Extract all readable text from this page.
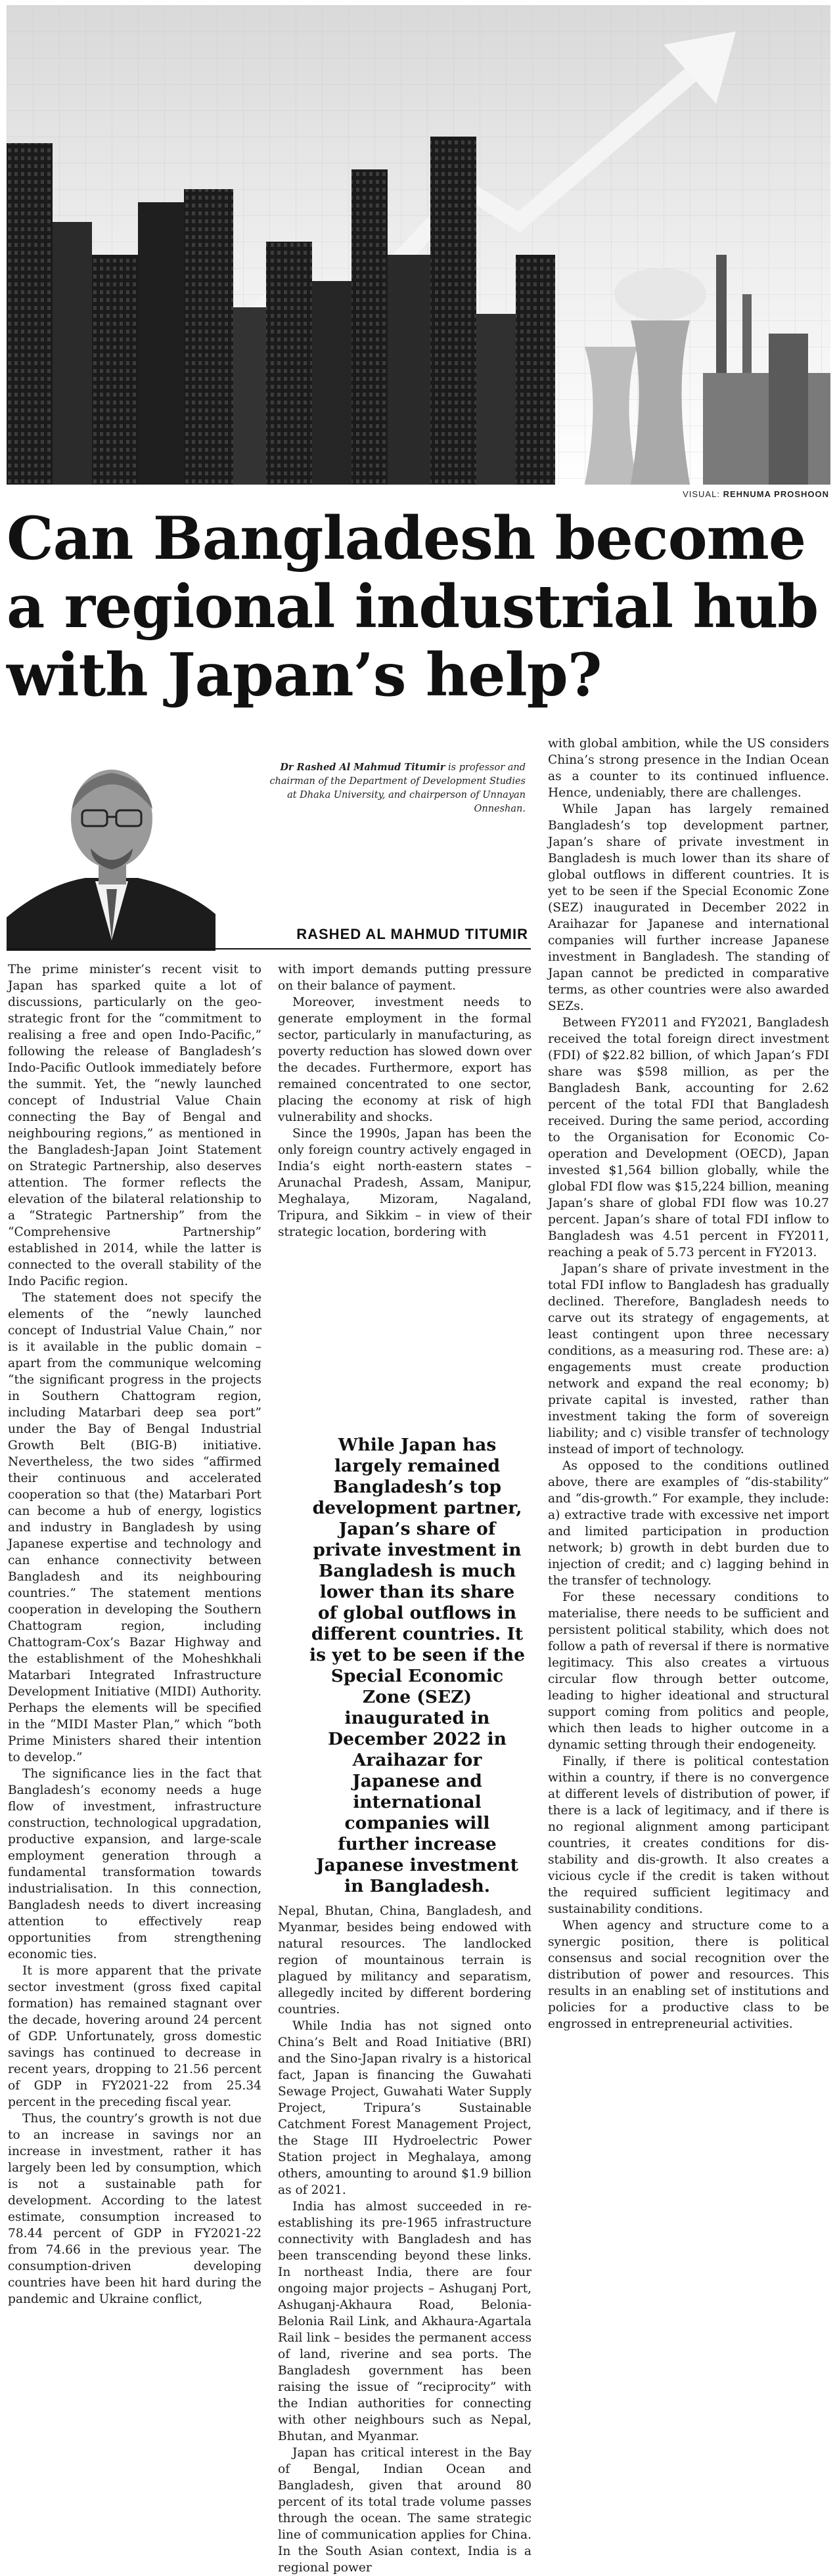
VISUAL: REHNUMA PROSHOON
Can Bangladesh become a regional industrial hub with Japan’s help?
Dr Rashed Al Mahmud Titumir is professor and chairman of the Department of Development Studies at Dhaka University, and chairperson of Unnayan Onneshan.
RASHED AL MAHMUD TITUMIR

The prime minister’s recent visit to Japan has sparked quite a lot of discussions, particularly on the geo-strategic front for the “commitment to realising a free and open Indo-Pacific,” following the release of Bangladesh’s Indo-Pacific Outlook immediately before the summit. Yet, the “newly launched concept of Industrial Value Chain connecting the Bay of Bengal and neighbouring regions,” as mentioned in the Bangladesh-Japan Joint Statement on Strategic Partnership, also deserves attention. The former reflects the elevation of the bilateral relationship to a “Strategic Partnership” from the “Comprehensive Partnership” established in 2014, while the latter is connected to the overall stability of the Indo Pacific region.

The statement does not specify the elements of the “newly launched concept of Industrial Value Chain,” nor is it available in the public domain – apart from the communique welcoming “the significant progress in the projects in Southern Chattogram region, including Matarbari deep sea port” under the Bay of Bengal Industrial Growth Belt (BIG-B) initiative. Nevertheless, the two sides “affirmed their continuous and accelerated cooperation so that (the) Matarbari Port can become a hub of energy, logistics and industry in Bangladesh by using Japanese expertise and technology and can enhance connectivity between Bangladesh and its neighbouring countries.” The statement mentions cooperation in developing the Southern Chattogram region, including Chattogram-Cox’s Bazar Highway and the establishment of the Moheshkhali Matarbari Integrated Infrastructure Development Initiative (MIDI) Authority. Perhaps the elements will be specified in the “MIDI Master Plan,” which “both Prime Ministers shared their intention to develop.”

The significance lies in the fact that Bangladesh’s economy needs a huge flow of investment, infrastructure construction, technological upgradation, productive expansion, and large-scale employment generation through a fundamental transformation towards industrialisation. In this connection, Bangladesh needs to divert increasing attention to effectively reap opportunities from strengthening economic ties.

It is more apparent that the private sector investment (gross fixed capital formation) has remained stagnant over the decade, hovering around 24 percent of GDP. Unfortunately, gross domestic savings has continued to decrease in recent years, dropping to 21.56 percent of GDP in FY2021-22 from 25.34 percent in the preceding fiscal year.

Thus, the country’s growth is not due to an increase in savings nor an increase in investment, rather it has largely been led by consumption, which is not a sustainable path for development. According to the latest estimate, consumption increased to 78.44 percent of GDP in FY2021-22 from 74.66 in the previous year. The consumption-driven developing countries have been hit hard during the pandemic and Ukraine conflict,

with import demands putting pressure on their balance of payment.

Moreover, investment needs to generate employment in the formal sector, particularly in manufacturing, as poverty reduction has slowed down over the decades. Furthermore, export has remained concentrated to one sector, placing the economy at risk of high vulnerability and shocks.

Since the 1990s, Japan has been the only foreign country actively engaged in India’s eight north-eastern states – Arunachal Pradesh, Assam, Manipur, Meghalaya, Mizoram, Nagaland, Tripura, and Sikkim – in view of their strategic location, bordering with

While Japan has largely remained Bangladesh’s top development partner, Japan’s share of private investment in Bangladesh is much lower than its share of global outflows in different countries. It is yet to be seen if the Special Economic Zone (SEZ) inaugurated in December 2022 in Araihazar for Japanese and international companies will further increase Japanese investment in Bangladesh.

Nepal, Bhutan, China, Bangladesh, and Myanmar, besides being endowed with natural resources. The landlocked region of mountainous terrain is plagued by militancy and separatism, allegedly incited by different bordering countries.

While India has not signed onto China’s Belt and Road Initiative (BRI) and the Sino-Japan rivalry is a historical fact, Japan is financing the Guwahati Sewage Project, Guwahati Water Supply Project, Tripura’s Sustainable Catchment Forest Management Project, the Stage III Hydroelectric Power Station project in Meghalaya, among others, amounting to around $1.9 billion as of 2021.

India has almost succeeded in re-establishing its pre-1965 infrastructure connectivity with Bangladesh and has been transcending beyond these links. In northeast India, there are four ongoing major projects – Ashuganj Port, Ashuganj-Akhaura Road, Belonia-Belonia Rail Link, and Akhaura-Agartala Rail link – besides the permanent access of land, riverine and sea ports. The Bangladesh government has been raising the issue of “reciprocity” with the Indian authorities for connecting with other neighbours such as Nepal, Bhutan, and Myanmar.

Japan has critical interest in the Bay of Bengal, Indian Ocean and Bangladesh, given that around 80 percent of its total trade volume passes through the ocean. The same strategic line of communication applies for China. In the South Asian context, India is a regional power

with global ambition, while the US considers China’s strong presence in the Indian Ocean as a counter to its continued influence. Hence, undeniably, there are challenges.

While Japan has largely remained Bangladesh’s top development partner, Japan’s share of private investment in Bangladesh is much lower than its share of global outflows in different countries. It is yet to be seen if the Special Economic Zone (SEZ) inaugurated in December 2022 in Araihazar for Japanese and international companies will further increase Japanese investment in Bangladesh. The standing of Japan cannot be predicted in comparative terms, as other countries were also awarded SEZs.

Between FY2011 and FY2021, Bangladesh received the total foreign direct investment (FDI) of $22.82 billion, of which Japan’s FDI share was $598 million, as per the Bangladesh Bank, accounting for 2.62 percent of the total FDI that Bangladesh received. During the same period, according to the Organisation for Economic Co-operation and Development (OECD), Japan invested $1,564 billion globally, while the global FDI flow was $15,224 billion, meaning Japan’s share of global FDI flow was 10.27 percent. Japan’s share of total FDI inflow to Bangladesh was 4.51 percent in FY2011, reaching a peak of 5.73 percent in FY2013.

Japan’s share of private investment in the total FDI inflow to Bangladesh has gradually declined. Therefore, Bangladesh needs to carve out its strategy of engagements, at least contingent upon three necessary conditions, as a measuring rod. These are: a) engagements must create production network and expand the real economy; b) private capital is invested, rather than investment taking the form of sovereign liability; and c) visible transfer of technology instead of import of technology.

As opposed to the conditions outlined above, there are examples of “dis-stability” and “dis-growth.” For example, they include: a) extractive trade with excessive net import and limited participation in production network; b) growth in debt burden due to injection of credit; and c) lagging behind in the transfer of technology.

For these necessary conditions to materialise, there needs to be sufficient and persistent political stability, which does not follow a path of reversal if there is normative legitimacy. This also creates a virtuous circular flow through better outcome, leading to higher ideational and structural support coming from politics and people, which then leads to higher outcome in a dynamic setting through their endogeneity.

Finally, if there is political contestation within a country, if there is no convergence at different levels of distribution of power, if there is a lack of legitimacy, and if there is no regional alignment among participant countries, it creates conditions for dis-stability and dis-growth. It also creates a vicious cycle if the credit is taken without the required sufficient legitimacy and sustainability conditions.

When agency and structure come to a synergic position, there is political consensus and social recognition over the distribution of power and resources. This results in an enabling set of institutions and policies for a productive class to be engrossed in entrepreneurial activities.
